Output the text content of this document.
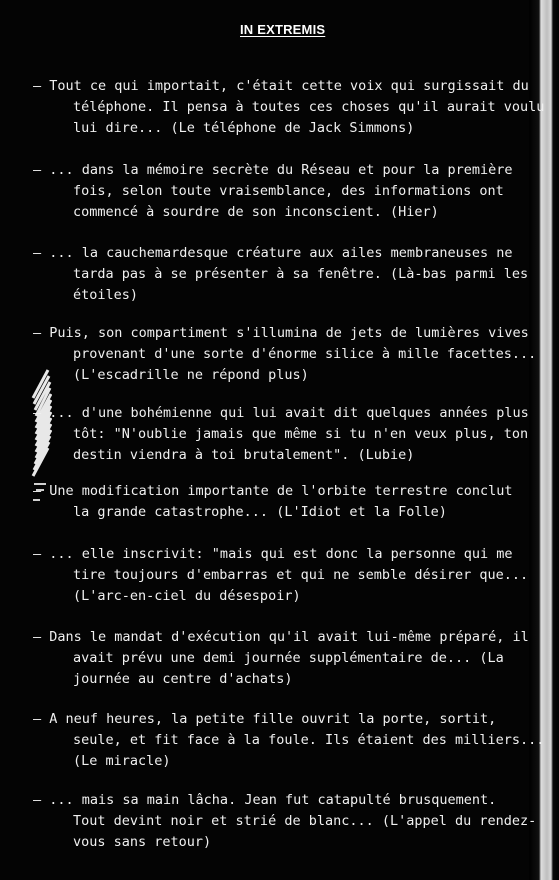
IN EXTREMIS
– Tout ce qui importait, c'était cette voix qui surgissait du
téléphone. Il pensa à toutes ces choses qu'il aurait voulu
lui dire... (Le téléphone de Jack Simmons)
– ... dans la mémoire secrète du Réseau et pour la première
fois, selon toute vraisemblance, des informations ont
commencé à sourdre de son inconscient. (Hier)
– ... la cauchemardesque créature aux ailes membraneuses ne
tarda pas à se présenter à sa fenêtre. (Là-bas parmi les
étoiles)
– Puis, son compartiment s'illumina de jets de lumières vives
provenant d'une sorte d'énorme silice à mille facettes...
(L'escadrille ne répond plus)
– ... d'une bohémienne qui lui avait dit quelques années plus
tôt: "N'oublie jamais que même si tu n'en veux plus, ton
destin viendra à toi brutalement". (Lubie)
– Une modification importante de l'orbite terrestre conclut
la grande catastrophe... (L'Idiot et la Folle)
– ... elle inscrivit: "mais qui est donc la personne qui me
tire toujours d'embarras et qui ne semble désirer que...
(L'arc-en-ciel du désespoir)
– Dans le mandat d'exécution qu'il avait lui-même préparé, il
avait prévu une demi journée supplémentaire de... (La
journée au centre d'achats)
– A neuf heures, la petite fille ouvrit la porte, sortit,
seule, et fit face à la foule. Ils étaient des milliers...
(Le miracle)
– ... mais sa main lâcha. Jean fut catapulté brusquement.
Tout devint noir et strié de blanc... (L'appel du rendez-
vous sans retour)
